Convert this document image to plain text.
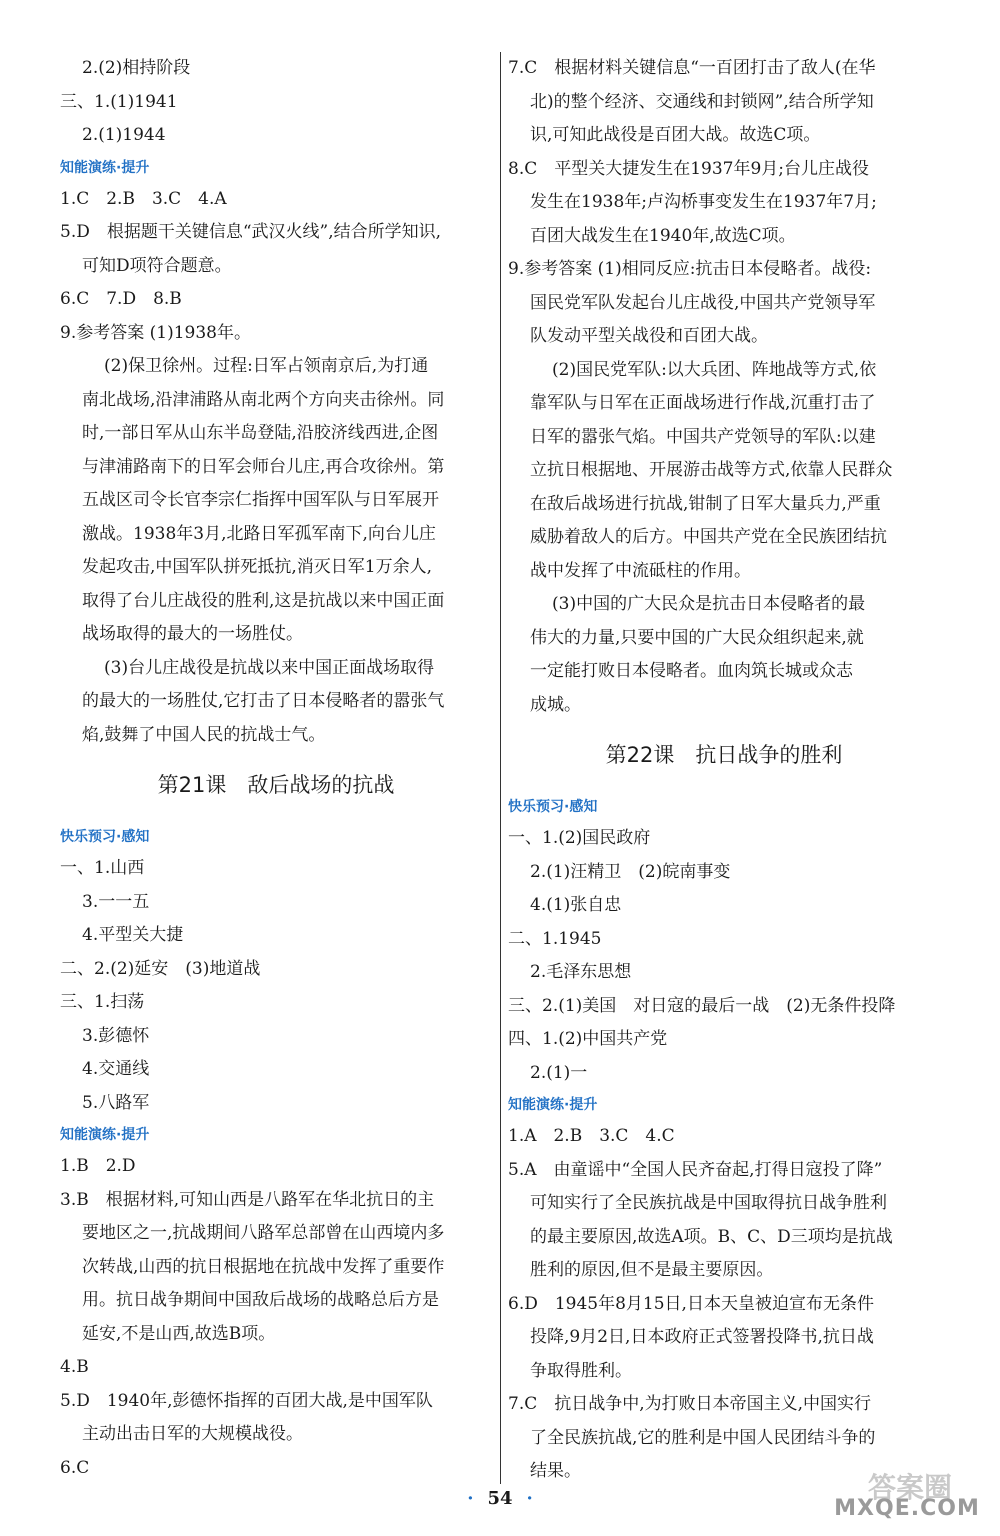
2.(2)相持阶段
三、1.(1)1941
2.(1)1944
知能演练·提升
1.C　2.B　3.C　4.A
5.D　根据题干关键信息“武汉火线”,结合所学知识,
可知D项符合题意。
6.C　7.D　8.B
9.参考答案 (1)1938年。
(2)保卫徐州。过程:日军占领南京后,为打通
南北战场,沿津浦路从南北两个方向夹击徐州。同
时,一部日军从山东半岛登陆,沿胶济线西进,企图
与津浦路南下的日军会师台儿庄,再合攻徐州。第
五战区司令长官李宗仁指挥中国军队与日军展开
激战。1938年3月,北路日军孤军南下,向台儿庄
发起攻击,中国军队拼死抵抗,消灭日军1万余人,
取得了台儿庄战役的胜利,这是抗战以来中国正面
战场取得的最大的一场胜仗。
(3)台儿庄战役是抗战以来中国正面战场取得
的最大的一场胜仗,它打击了日本侵略者的嚣张气
焰,鼓舞了中国人民的抗战士气。
第21课　敌后战场的抗战
快乐预习·感知
一、1.山西
3.一一五
4.平型关大捷
二、2.(2)延安　(3)地道战
三、1.扫荡
3.彭德怀
4.交通线
5.八路军
知能演练·提升
1.B　2.D
3.B　根据材料,可知山西是八路军在华北抗日的主
要地区之一,抗战期间八路军总部曾在山西境内多
次转战,山西的抗日根据地在抗战中发挥了重要作
用。抗日战争期间中国敌后战场的战略总后方是
延安,不是山西,故选B项。
4.B
5.D　1940年,彭德怀指挥的百团大战,是中国军队
主动出击日军的大规模战役。
6.C
7.C　根据材料关键信息“一百团打击了敌人(在华
北)的整个经济、交通线和封锁网”,结合所学知
识,可知此战役是百团大战。故选C项。
8.C　平型关大捷发生在1937年9月;台儿庄战役
发生在1938年;卢沟桥事变发生在1937年7月;
百团大战发生在1940年,故选C项。
9.参考答案 (1)相同反应:抗击日本侵略者。战役:
国民党军队发起台儿庄战役,中国共产党领导军
队发动平型关战役和百团大战。
(2)国民党军队:以大兵团、阵地战等方式,依
靠军队与日军在正面战场进行作战,沉重打击了
日军的嚣张气焰。中国共产党领导的军队:以建
立抗日根据地、开展游击战等方式,依靠人民群众
在敌后战场进行抗战,钳制了日军大量兵力,严重
威胁着敌人的后方。中国共产党在全民族团结抗
战中发挥了中流砥柱的作用。
(3)中国的广大民众是抗击日本侵略者的最
伟大的力量,只要中国的广大民众组织起来,就
一定能打败日本侵略者。血肉筑长城或众志
成城。
第22课　抗日战争的胜利
快乐预习·感知
一、1.(2)国民政府
2.(1)汪精卫　(2)皖南事变
4.(1)张自忠
二、1.1945
2.毛泽东思想
三、2.(1)美国　对日寇的最后一战　(2)无条件投降
四、1.(2)中国共产党
2.(1)一
知能演练·提升
1.A　2.B　3.C　4.C
5.A　由童谣中“全国人民齐奋起,打得日寇投了降”
可知实行了全民族抗战是中国取得抗日战争胜利
的最主要原因,故选A项。B、C、D三项均是抗战
胜利的原因,但不是最主要原因。
6.D　1945年8月15日,日本天皇被迫宣布无条件
投降,9月2日,日本政府正式签署投降书,抗日战
争取得胜利。
7.C　抗日战争中,为打败日本帝国主义,中国实行
了全民族抗战,它的胜利是中国人民团结斗争的
结果。
· 54 ·	答案圈
MXQE.COM
